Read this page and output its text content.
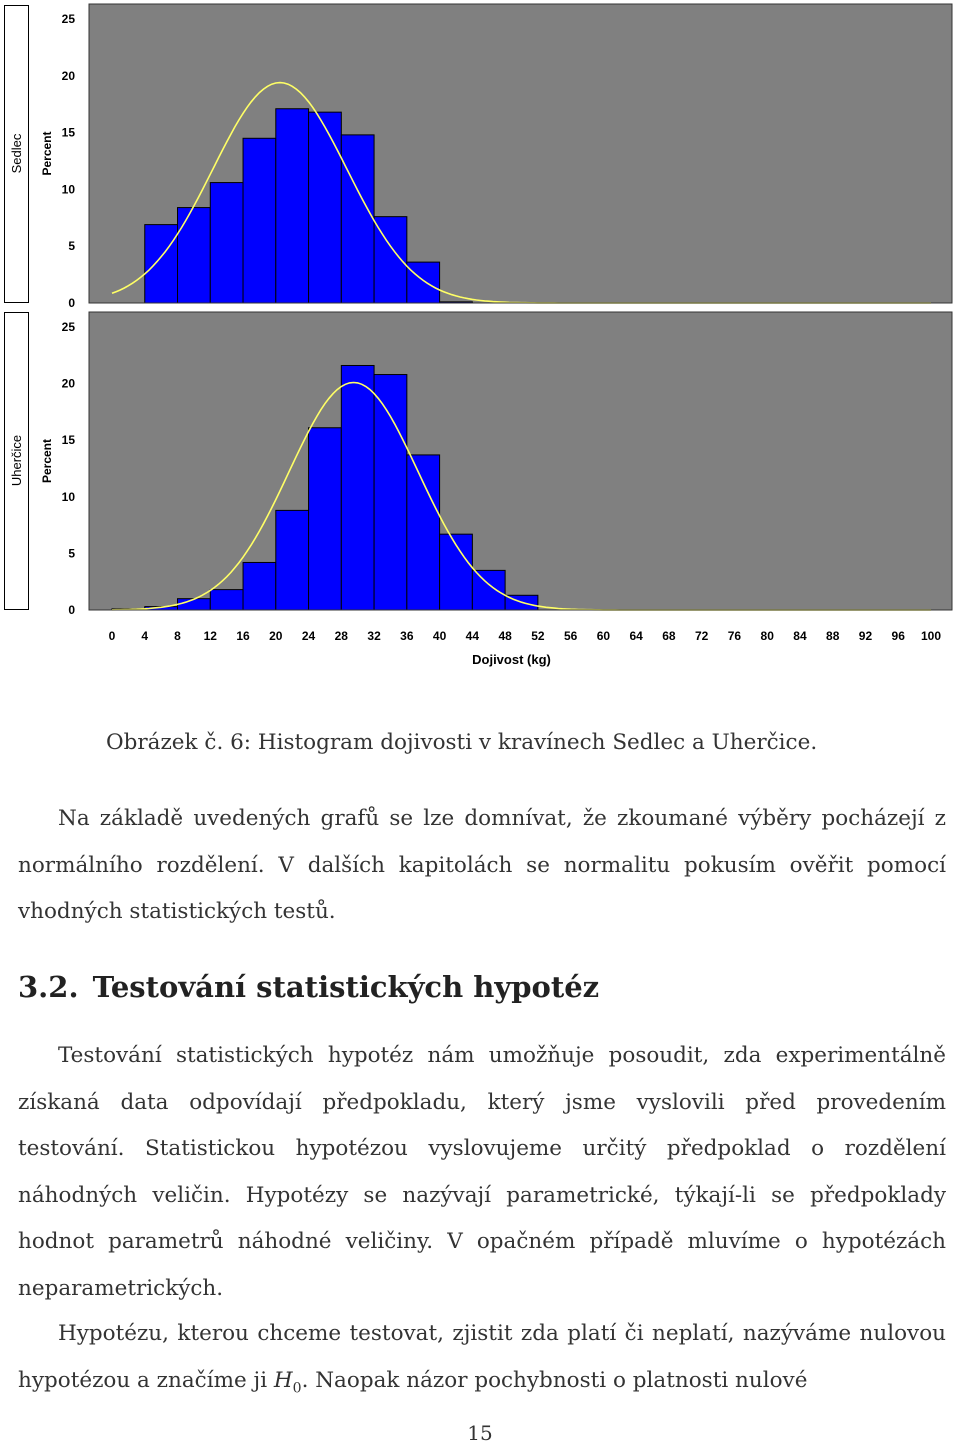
Sedlec Percent
0
5
10
15
20
25
Uherčice Percent
0
5
10
15
20
25
0 4 8 12 16 20 24 28 32 36 40 44 48 52 56 60 64 68 72 76 80 84 88 92 96 100
Dojivost (kg)
Obrázek č. 6: Histogram dojivosti v kravínech Sedlec a Uherčice.
Na základě uvedených grafů se lze domnívat, že zkoumané výběry pocházejí z normálního rozdělení. V dalších kapitolách se normalitu pokusím ověřit pomocí vhodných statistických testů.
3.2. Testování statistických hypotéz
Testování statistických hypotéz nám umožňuje posoudit, zda experimentálně získaná data odpovídají předpokladu, který jsme vyslovili před provedením testování. Statistickou hypotézou vyslovujeme určitý předpoklad o rozdělení náhodných veličin. Hypotézy se nazývají parametrické, týkají-li se předpoklady hodnot parametrů náhodné veličiny. V opačném případě mluvíme o hypotézách neparametrických.
Hypotézu, kterou chceme testovat, zjistit zda platí či neplatí, nazýváme nulovou hypotézou a značíme ji $H_0$. Naopak názor pochybnosti o platnosti nulové
15
